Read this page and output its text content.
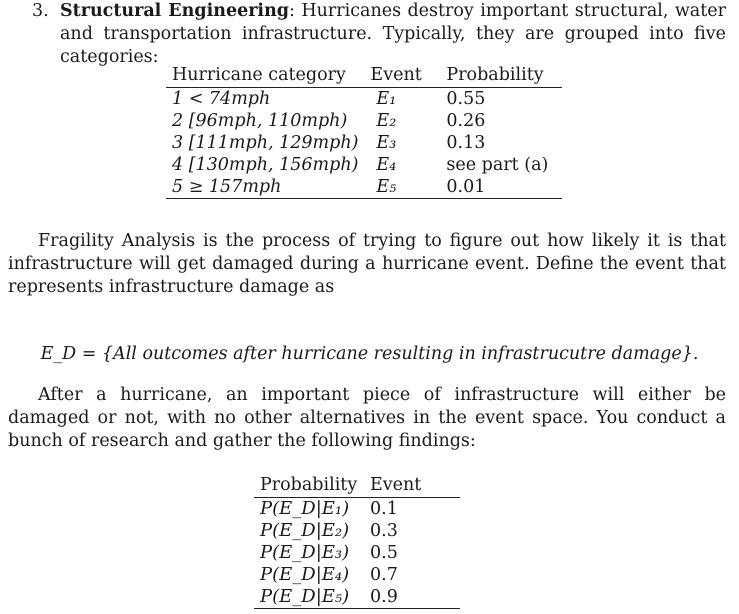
3. Structural Engineering: Hurricanes destroy important structural, water and transportation infrastructure. Typically, they are grouped into five categories:
Hurricane category	Event	Probability
1 < 74mph	E₁	0.55
2 [96mph, 110mph)	E₂	0.26
3 [111mph, 129mph)	E₃	0.13
4 [130mph, 156mph)	E₄	see part (a)
5 ≥ 157mph	E₅	0.01
Fragility Analysis is the process of trying to figure out how likely it is that infrastructure will get damaged during a hurricane event. Define the event that represents infrastructure damage as
E_D = {All outcomes after hurricane resulting in infrastrucutre damage}.
After a hurricane, an important piece of infrastructure will either be damaged or not, with no other alternatives in the event space. You conduct a bunch of research and gather the following findings:
Probability	Event
P(E_D|E₁)	0.1
P(E_D|E₂)	0.3
P(E_D|E₃)	0.5
P(E_D|E₄)	0.7
P(E_D|E₅)	0.9
